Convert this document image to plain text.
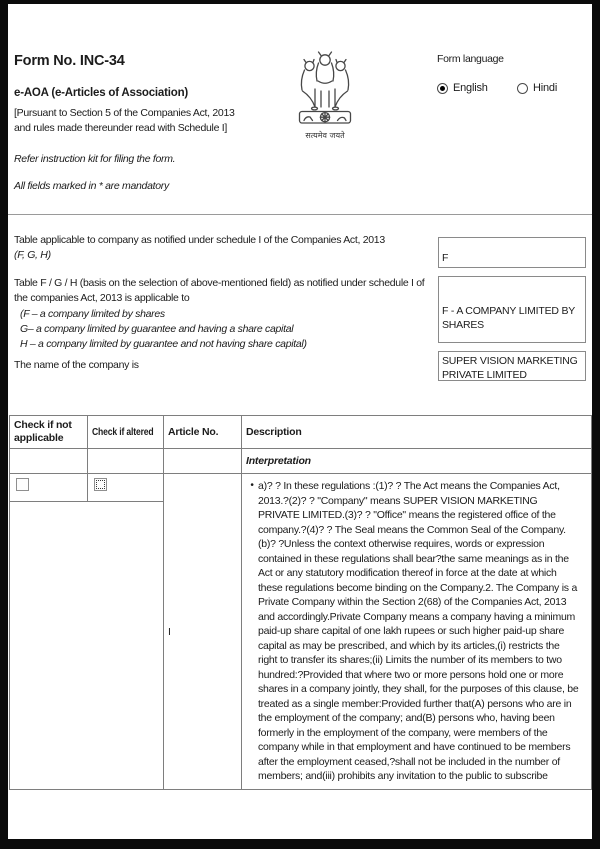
Form No. INC-34
e-AOA (e-Articles of Association)
[Pursuant to Section 5 of the Companies Act, 2013
and rules made thereunder read with Schedule I]
Refer instruction kit for filing the form.
All fields marked in * are mandatory
सत्यमेव जयते
Form language
English	Hindi
Table applicable to company as notified under schedule I of the Companies Act, 2013
(F, G, H)	F
Table F / G / H (basis on the selection of above-mentioned field) as notified under schedule I of the companies Act, 2013 is applicable to
(F – a company limited by shares
G– a company limited by guarantee and having a share capital
H – a company limited by guarantee and not having share capital)
F - A COMPANY LIMITED BY SHARES
The name of the company is	SUPER VISION MARKETING PRIVATE LIMITED
Check if not applicable	Check if altered	Article No.	Description
			Interpretation
		I	• a)? ? In these regulations :(1)? ? The Act means the Companies Act, 2013.?(2)? ? "Company" means SUPER VISION MARKETING PRIVATE LIMITED.(3)? ? "Office" means the registered office of the company.?(4)? ? The Seal means the Common Seal of the Company.(b)? ?Unless the context otherwise requires, words or expression contained in these regulations shall bear?the same meanings as in the Act or any statutory modification thereof in force at the date at which these regulations become binding on the Company.2. The Company is a Private Company within the Section 2(68) of the Companies Act, 2013 and accordingly.Private Company means a company having a minimum paid-up share capital of one lakh rupees or such higher paid-up share capital as may be prescribed, and which by its articles,(i) restricts the right to transfer its shares;(ii) Limits the number of its members to two hundred:?Provided that where two or more persons hold one or more shares in a company jointly, they shall, for the purposes of this clause, be treated as a single member:Provided further that(A) persons who are in the employment of the company; and(B) persons who, having been formerly in the employment of the company, were members of the company while in that employment and have continued to be members after the employment ceased,?shall not be included in the number of members; and(iii) prohibits any invitation to the public to subscribe
